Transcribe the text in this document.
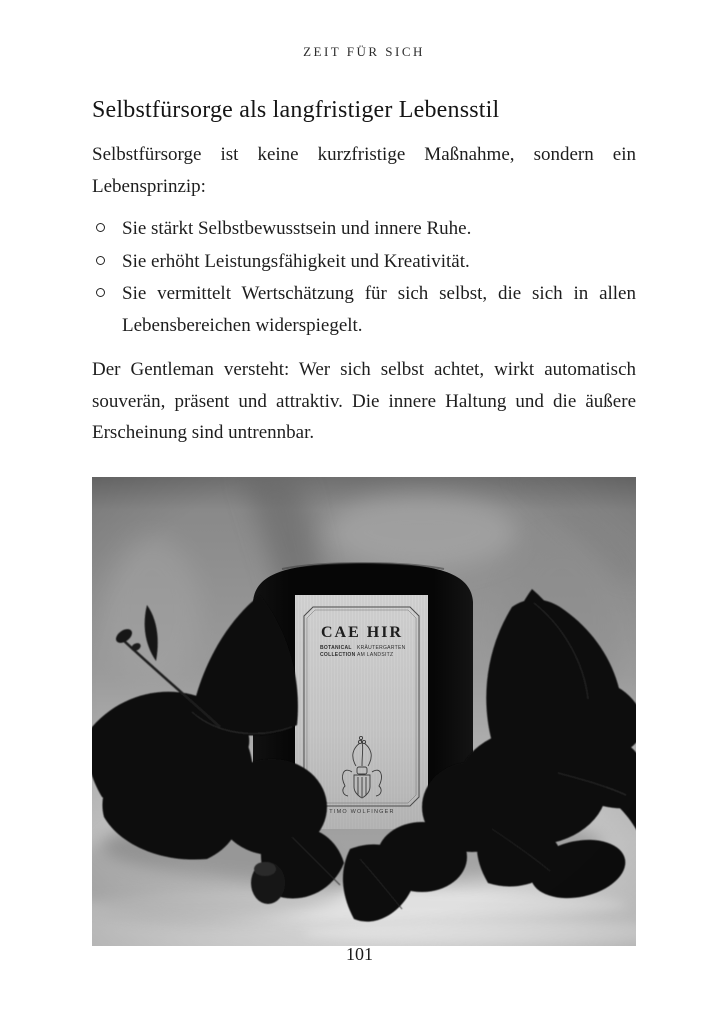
ZEIT FÜR SICH
Selbstfürsorge als langfristiger Lebensstil
Selbstfürsorge ist keine kurzfristige Maßnahme, sondern ein
Lebensprinzip:
Sie stärkt Selbstbewusstsein und innere Ruhe.
Sie erhöht Leistungsfähigkeit und Kreativität.
Sie vermittelt Wertschätzung für sich selbst, die sich in allen Lebensbereichen widerspiegelt.
Der Gentleman versteht: Wer sich selbst achtet, wirkt automatisch
souverän, präsent und attraktiv. Die innere Haltung und die äußere
Erscheinung sind untrennbar.
101
